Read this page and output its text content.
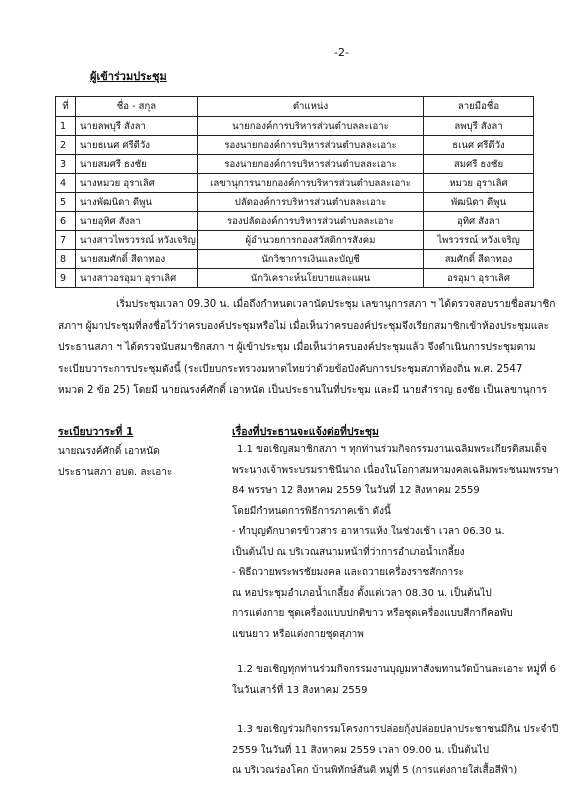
-2-
ผู้เข้าร่วมประชุม
ที่	ชื่อ - สกุล	ตำแหน่ง	ลายมือชื่อ
1	นายลพบุรี สังลา	นายกองค์การบริหารส่วนตำบลละเอาะ	ลพบุรี สังลา
2	นายธเนศ ศรีดีวัง	รองนายกองค์การบริหารส่วนตำบลละเอาะ	ธเนศ ศรีดีวัง
3	นายสมศรี ธงชัย	รองนายกองค์การบริหารส่วนตำบลละเอาะ	สมศรี ธงชัย
4	นางหมวย อุราเลิศ	เลขานุการนายกองค์การบริหารส่วนตำบลละเอาะ	หมวย อุราเลิศ
5	นางพัฒนิดา ดีพูน	ปลัดองค์การบริหารส่วนตำบลละเอาะ	พัฒนิดา ดีพูน
6	นายอุทิศ สังลา	รองปลัดองค์การบริหารส่วนตำบลละเอาะ	อุทิศ สังลา
7	นางสาวไพรวรรณ์ หวังเจริญ	ผู้อำนวยการกองสวัสดิการสังคม	ไพรวรรณ์ หวังเจริญ
8	นายสมศักดิ์ สีดาทอง	นักวิชาการเงินและบัญชี	สมศักดิ์ สีดาทอง
9	นางสาวอรอุมา อุราเลิศ	นักวิเคราะห์นโยบายและแผน	อรอุมา อุราเลิศ
เริ่มประชุมเวลา 09.30 น. เมื่อถึงกำหนดเวลานัดประชุม เลขานุการสภา ฯ ได้ตรวจสอบรายชื่อสมาชิก
สภาฯ ผู้มาประชุมที่ลงชื่อไว้ว่าครบองค์ประชุมหรือไม่ เมื่อเห็นว่าครบองค์ประชุมจึงเรียกสมาชิกเข้าห้องประชุมและ
ประธานสภา ฯ ได้ตรวจนับสมาชิกสภา ฯ ผู้เข้าประชุม เมื่อเห็นว่าครบองค์ประชุมแล้ว จึงดำเนินการประชุมตาม
ระเบียบวาระการประชุมดังนี้ (ระเบียบกระทรวงมหาดไทยว่าด้วยข้อบังคับการประชุมสภาท้องถิ่น พ.ศ. 2547
หมวด 2 ข้อ 25) โดยมี นายณรงค์ศักดิ์ เอาหนัด เป็นประธานในที่ประชุม และมี นายสำราญ ธงชัย เป็นเลขานุการ
ระเบียบวาระที่ 1
นายณรงค์ศักดิ์ เอาหนัด
ประธานสภา อบต. ละเอาะ
เรื่องที่ประธานจะแจ้งต่อที่ประชุม
1.1 ขอเชิญสมาชิกสภา ฯ ทุกท่านร่วมกิจกรรมงานเฉลิมพระเกียรติสมเด็จ
พระนางเจ้าพระบรมราชินีนาถ เนื่องในโอกาสมหามงคลเฉลิมพระชนมพรรษา
84 พรรษา 12 สิงหาคม 2559 ในวันที่ 12 สิงหาคม 2559
โดยมีกำหนดการพิธีการภาคเช้า ดังนี้
- ทำบุญตักบาตรข้าวสาร อาหารแห้ง ในช่วงเช้า เวลา 06.30 น.
เป็นต้นไป ณ บริเวณสนามหน้าที่ว่าการอำเภอน้ำเกลี้ยง
- พิธีถวายพระพรชัยมงคล และถวายเครื่องราชสักการะ
ณ หอประชุมอำเภอน้ำเกลี้ยง ตั้งแต่เวลา 08.30 น. เป็นต้นไป
การแต่งกาย ชุดเครื่องแบบปกติขาว หรือชุดเครื่องแบบสีกากีคอพับ
แขนยาว หรือแต่งกายชุดสุภาพ
1.2 ขอเชิญทุกท่านร่วมกิจกรรมงานบุญมหาสังฆทานวัดบ้านละเอาะ หมู่ที่ 6
ในวันเสาร์ที่ 13 สิงหาคม 2559
1.3 ขอเชิญร่วมกิจกรรมโครงการปล่อยกุ้งปล่อยปลาประชาชนมีกิน ประจำปี
2559 ในวันที่ 11 สิงหาคม 2559 เวลา 09.00 น. เป็นต้นไป
ณ บริเวณร่องโคก บ้านพิทักษ์สันติ หมู่ที่ 5 (การแต่งกายใส่เสื้อสีฟ้า)
